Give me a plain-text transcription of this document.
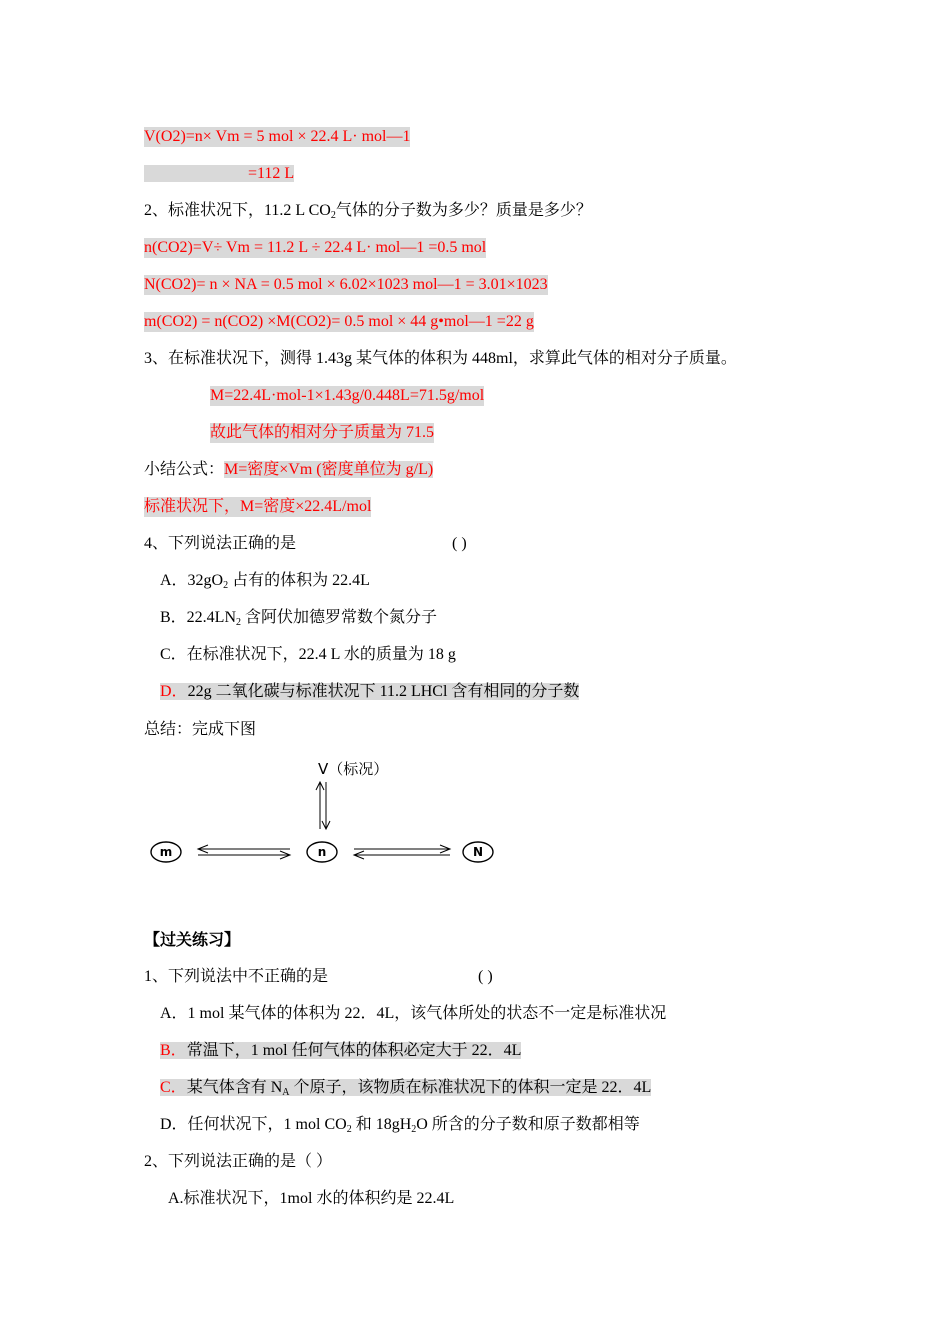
V(O2)=n× Vm = 5 mol × 22.4 L· mol—1
=112 L
2、标准状况下，11.2 L $CO_2$气体的分子数为多少？质量是多少？
n(CO2)=V÷ Vm = 11.2 L ÷ 22.4 L· mol—1 =0.5 mol
N(CO2)= n × NA = 0.5 mol × 6.02×1023 mol—1 = 3.01×1023
m(CO2) = n(CO2) ×M(CO2)= 0.5 mol × 44 g•mol—1 =22 g
3、在标准状况下，测得 1.43g 某气体的体积为 448ml，求算此气体的相对分子质量。
M=22.4L·mol-1×1.43g/0.448L=71.5g/mol
故此气体的相对分子质量为 71.5
小结公式：M=密度×Vm (密度单位为 g/L)
标准状况下，M=密度×22.4L/mol
4、下列说法正确的是	( )
A．$32gO_2$ 占有的体积为 22.4L
B．$22.4LN_2$ 含阿伏加德罗常数个氮分子
C．在标准状况下，22.4 L 水的质量为 18 g
D．22g 二氧化碳与标准状况下 11.2 LHCl 含有相同的分子数
总结：完成下图
V（标况）
m	n	N
【过关练习】
1、下列说法中不正确的是	( )
A．1 mol 某气体的体积为 22．4L，该气体所处的状态不一定是标准状况
B．常温下，1 mol 任何气体的体积必定大于 22．4L
C．某气体含有 $N_A$ 个原子，该物质在标准状况下的体积一定是 22．4L
D．任何状况下，1 mol $CO_2$ 和 $18gH_2O$ 所含的分子数和原子数都相等
2、下列说法正确的是（ ）
A.标准状况下，1mol 水的体积约是 22.4L
